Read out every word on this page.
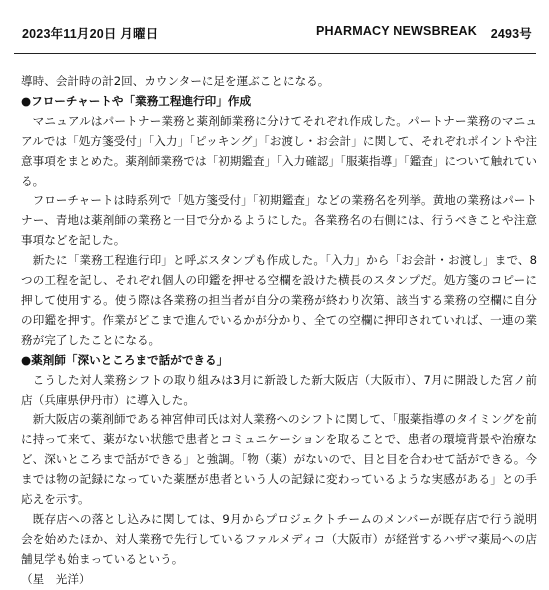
2023年11月20日 月曜日	PHARMACY NEWSBREAK 2493号

導時、会計時の計2回、カウンターに足を運ぶことになる。

●フローチャートや「業務工程進行印」作成

マニュアルはパートナー業務と薬剤師業務に分けてそれぞれ作成した。パートナー業務のマニュアルでは「処方箋受付」「入力」「ピッキング」「お渡し・お会計」に関して、それぞれポイントや注意事項をまとめた。薬剤師業務では「初期鑑査」「入力確認」「服薬指導」「鑑査」について触れている。

フローチャートは時系列で「処方箋受付」「初期鑑査」などの業務名を列挙。黄地の業務はパートナー、青地は薬剤師の業務と一目で分かるようにした。各業務名の右側には、行うべきことや注意事項などを記した。

新たに「業務工程進行印」と呼ぶスタンプも作成した。「入力」から「お会計・お渡し」まで、8つの工程を記し、それぞれ個人の印鑑を押せる空欄を設けた横長のスタンプだ。処方箋のコピーに押して使用する。使う際は各業務の担当者が自分の業務が終わり次第、該当する業務の空欄に自分の印鑑を押す。作業がどこまで進んでいるかが分かり、全ての空欄に押印されていれば、一連の業務が完了したことになる。

●薬剤師「深いところまで話ができる」

こうした対人業務シフトの取り組みは3月に新設した新大阪店（大阪市）、7月に開設した宮ノ前店（兵庫県伊丹市）に導入した。

新大阪店の薬剤師である神宮伸司氏は対人業務へのシフトに関して、「服薬指導のタイミングを前に持って来て、薬がない状態で患者とコミュニケーションを取ることで、患者の環境背景や治療など、深いところまで話ができる」と強調。「物（薬）がないので、目と目を合わせて話ができる。今までは物の記録になっていた薬歴が患者という人の記録に変わっているような実感がある」との手応えを示す。

既存店への落とし込みに関しては、9月からプロジェクトチームのメンバーが既存店で行う説明会を始めたほか、対人業務で先行しているファルメディコ（大阪市）が経営するハザマ薬局への店舗見学も始まっているという。

（星　光洋）
